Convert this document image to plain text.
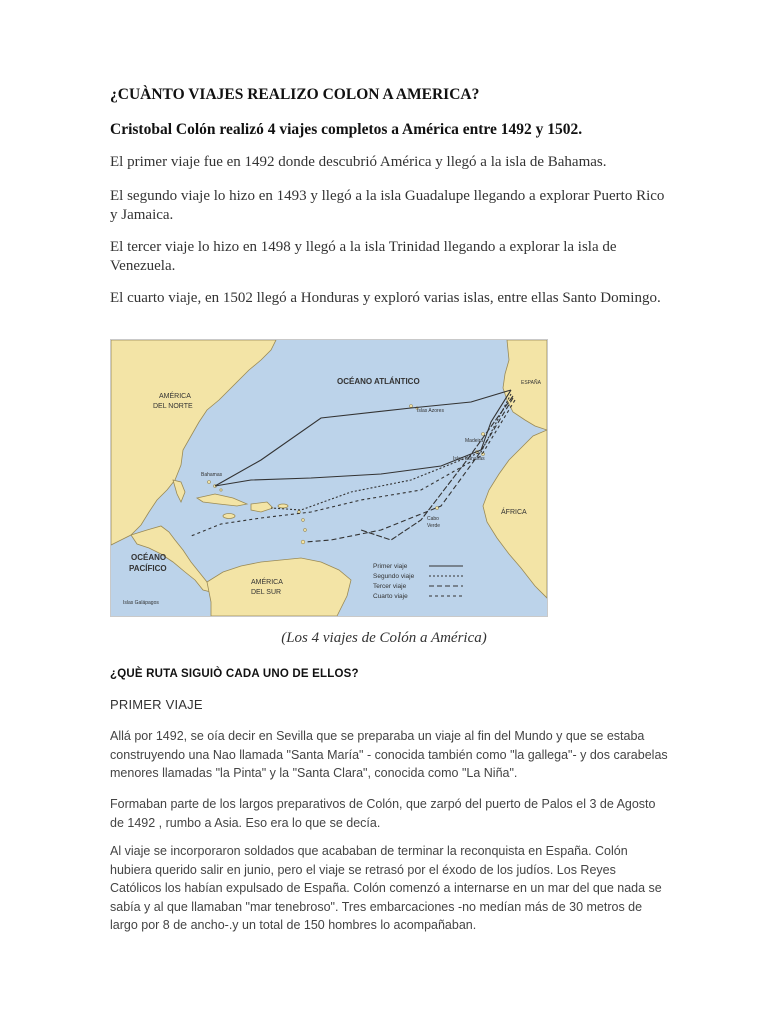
¿CUÀNTO VIAJES REALIZO COLON A AMERICA?
Cristobal Colón realizó 4 viajes completos a América entre 1492 y 1502.
El primer viaje fue en 1492 donde descubrió América y llegó a la isla de Bahamas.
El segundo viaje lo hizo en 1493 y llegó a la isla Guadalupe llegando a explorar Puerto Rico y Jamaica.
El tercer viaje lo hizo en 1498 y llegó a la isla Trinidad llegando a explorar la isla de Venezuela.
El cuarto viaje, en 1502 llegó a Honduras y exploró varias islas, entre ellas Santo Domingo.
AMÉRICA
DEL NORTE
OCÉANO ATLÁNTICO
OCÉANO
PACÍFICO
AMÉRICA
DEL SUR
ÁFRICA
ESPAÑA
Islas Azores
Madeira
Islas Canarias
Cabo
Verde
Bahamas
Islas Galápagos
Primer viaje
Segundo viaje
Tercer viaje
Cuarto viaje
(Los 4 viajes de Colón a América)
¿QUÈ RUTA SIGUIÒ CADA UNO DE ELLOS?
PRIMER VIAJE
Allá por 1492, se oía decir en Sevilla que se preparaba un viaje al fin del Mundo y que se estaba construyendo una Nao llamada "Santa María" - conocida también como "la gallega"- y dos carabelas menores llamadas "la Pinta" y la "Santa Clara", conocida como "La Niña".
Formaban parte de los largos preparativos de Colón, que zarpó del puerto de Palos el 3 de Agosto de 1492 , rumbo a Asia. Eso era lo que se decía.
Al viaje se incorporaron soldados que acababan de terminar la reconquista en España. Colón hubiera querido salir en junio, pero el viaje se retrasó por el éxodo de los judíos. Los Reyes Católicos los habían expulsado de España. Colón comenzó a internarse en un mar del que nada se sabía y al que llamaban "mar tenebroso". Tres embarcaciones -no medían más de 30 metros de largo por 8 de ancho-.y un total de 150 hombres lo acompañaban.
